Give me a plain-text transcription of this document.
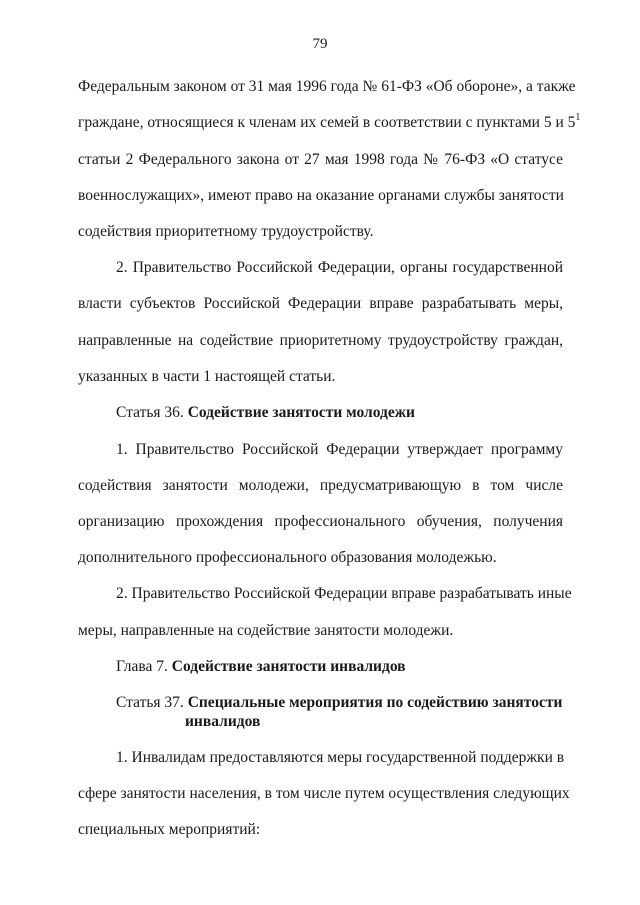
79
Федеральным законом от 31 мая 1996 года № 61-ФЗ «Об обороне», а также
граждане, относящиеся к членам их семей в соответствии с пунктами 5 и $5^1$
статьи 2 Федерального закона от 27 мая 1998 года № 76-ФЗ «О статусе
военнослужащих», имеют право на оказание органами службы занятости
содействия приоритетному трудоустройству.
2. Правительство Российской Федерации, органы государственной
власти субъектов Российской Федерации вправе разрабатывать меры,
направленные на содействие приоритетному трудоустройству граждан,
указанных в части 1 настоящей статьи.
Статья 36. Содействие занятости молодежи
1. Правительство Российской Федерации утверждает программу
содействия занятости молодежи, предусматривающую в том числе
организацию прохождения профессионального обучения, получения
дополнительного профессионального образования молодежью.
2. Правительство Российской Федерации вправе разрабатывать иные
меры, направленные на содействие занятости молодежи.
Глава 7. Содействие занятости инвалидов
Статья 37. Специальные мероприятия по содействию занятости
инвалидов
1. Инвалидам предоставляются меры государственной поддержки в
сфере занятости населения, в том числе путем осуществления следующих
специальных мероприятий:
